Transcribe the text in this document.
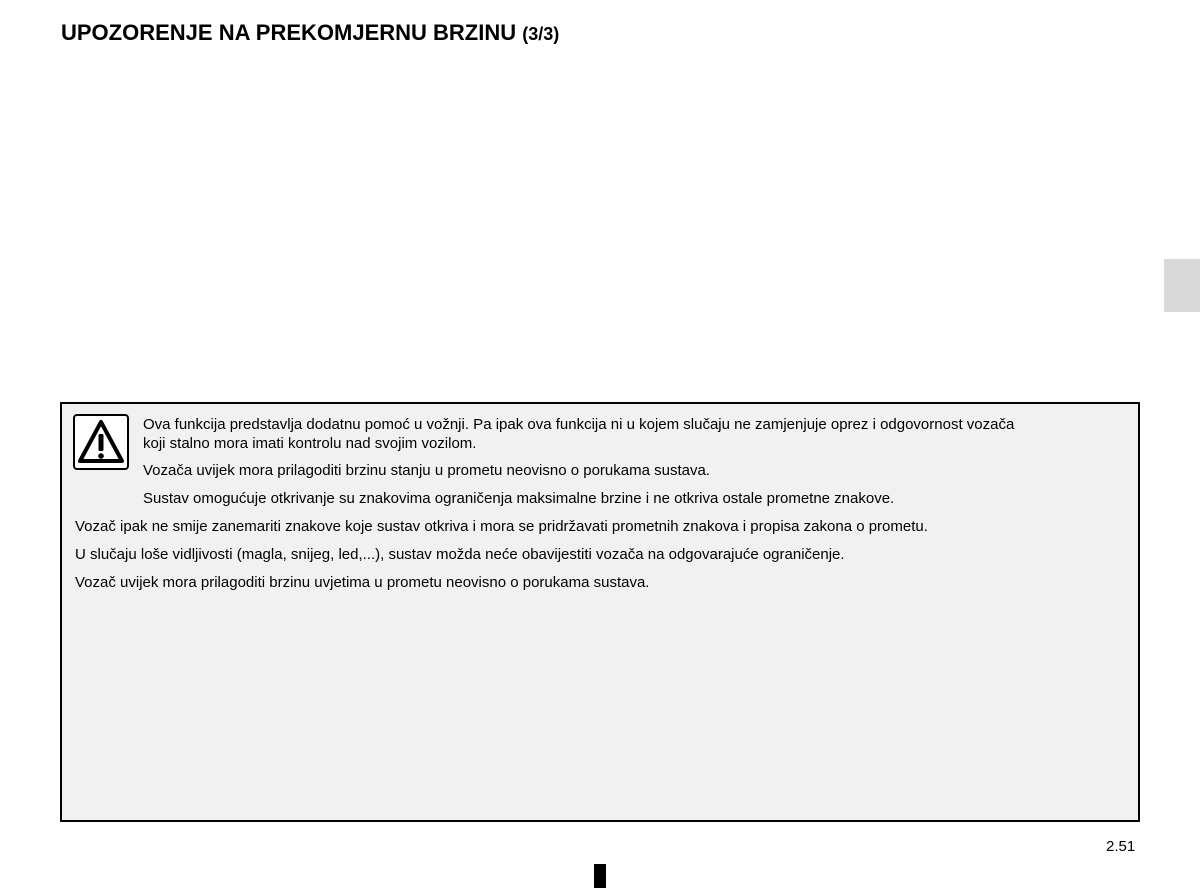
UPOZORENJE NA PREKOMJERNU BRZINU (3/3)
Ova funkcija predstavlja dodatnu pomoć u vožnji. Pa ipak ova funkcija ni u kojem slučaju ne zamjenjuje oprez i odgovornost vozača
koji stalno mora imati kontrolu nad svojim vozilom.
Vozača uvijek mora prilagoditi brzinu stanju u prometu neovisno o porukama sustava.
Sustav omogućuje otkrivanje su znakovima ograničenja maksimalne brzine i ne otkriva ostale prometne znakove.
Vozač ipak ne smije zanemariti znakove koje sustav otkriva i mora se pridržavati prometnih znakova i propisa zakona o prometu.
U slučaju loše vidljivosti (magla, snijeg, led,...), sustav možda neće obavijestiti vozača na odgovarajuće ograničenje.
Vozač uvijek mora prilagoditi brzinu uvjetima u prometu neovisno o porukama sustava.
2.51
